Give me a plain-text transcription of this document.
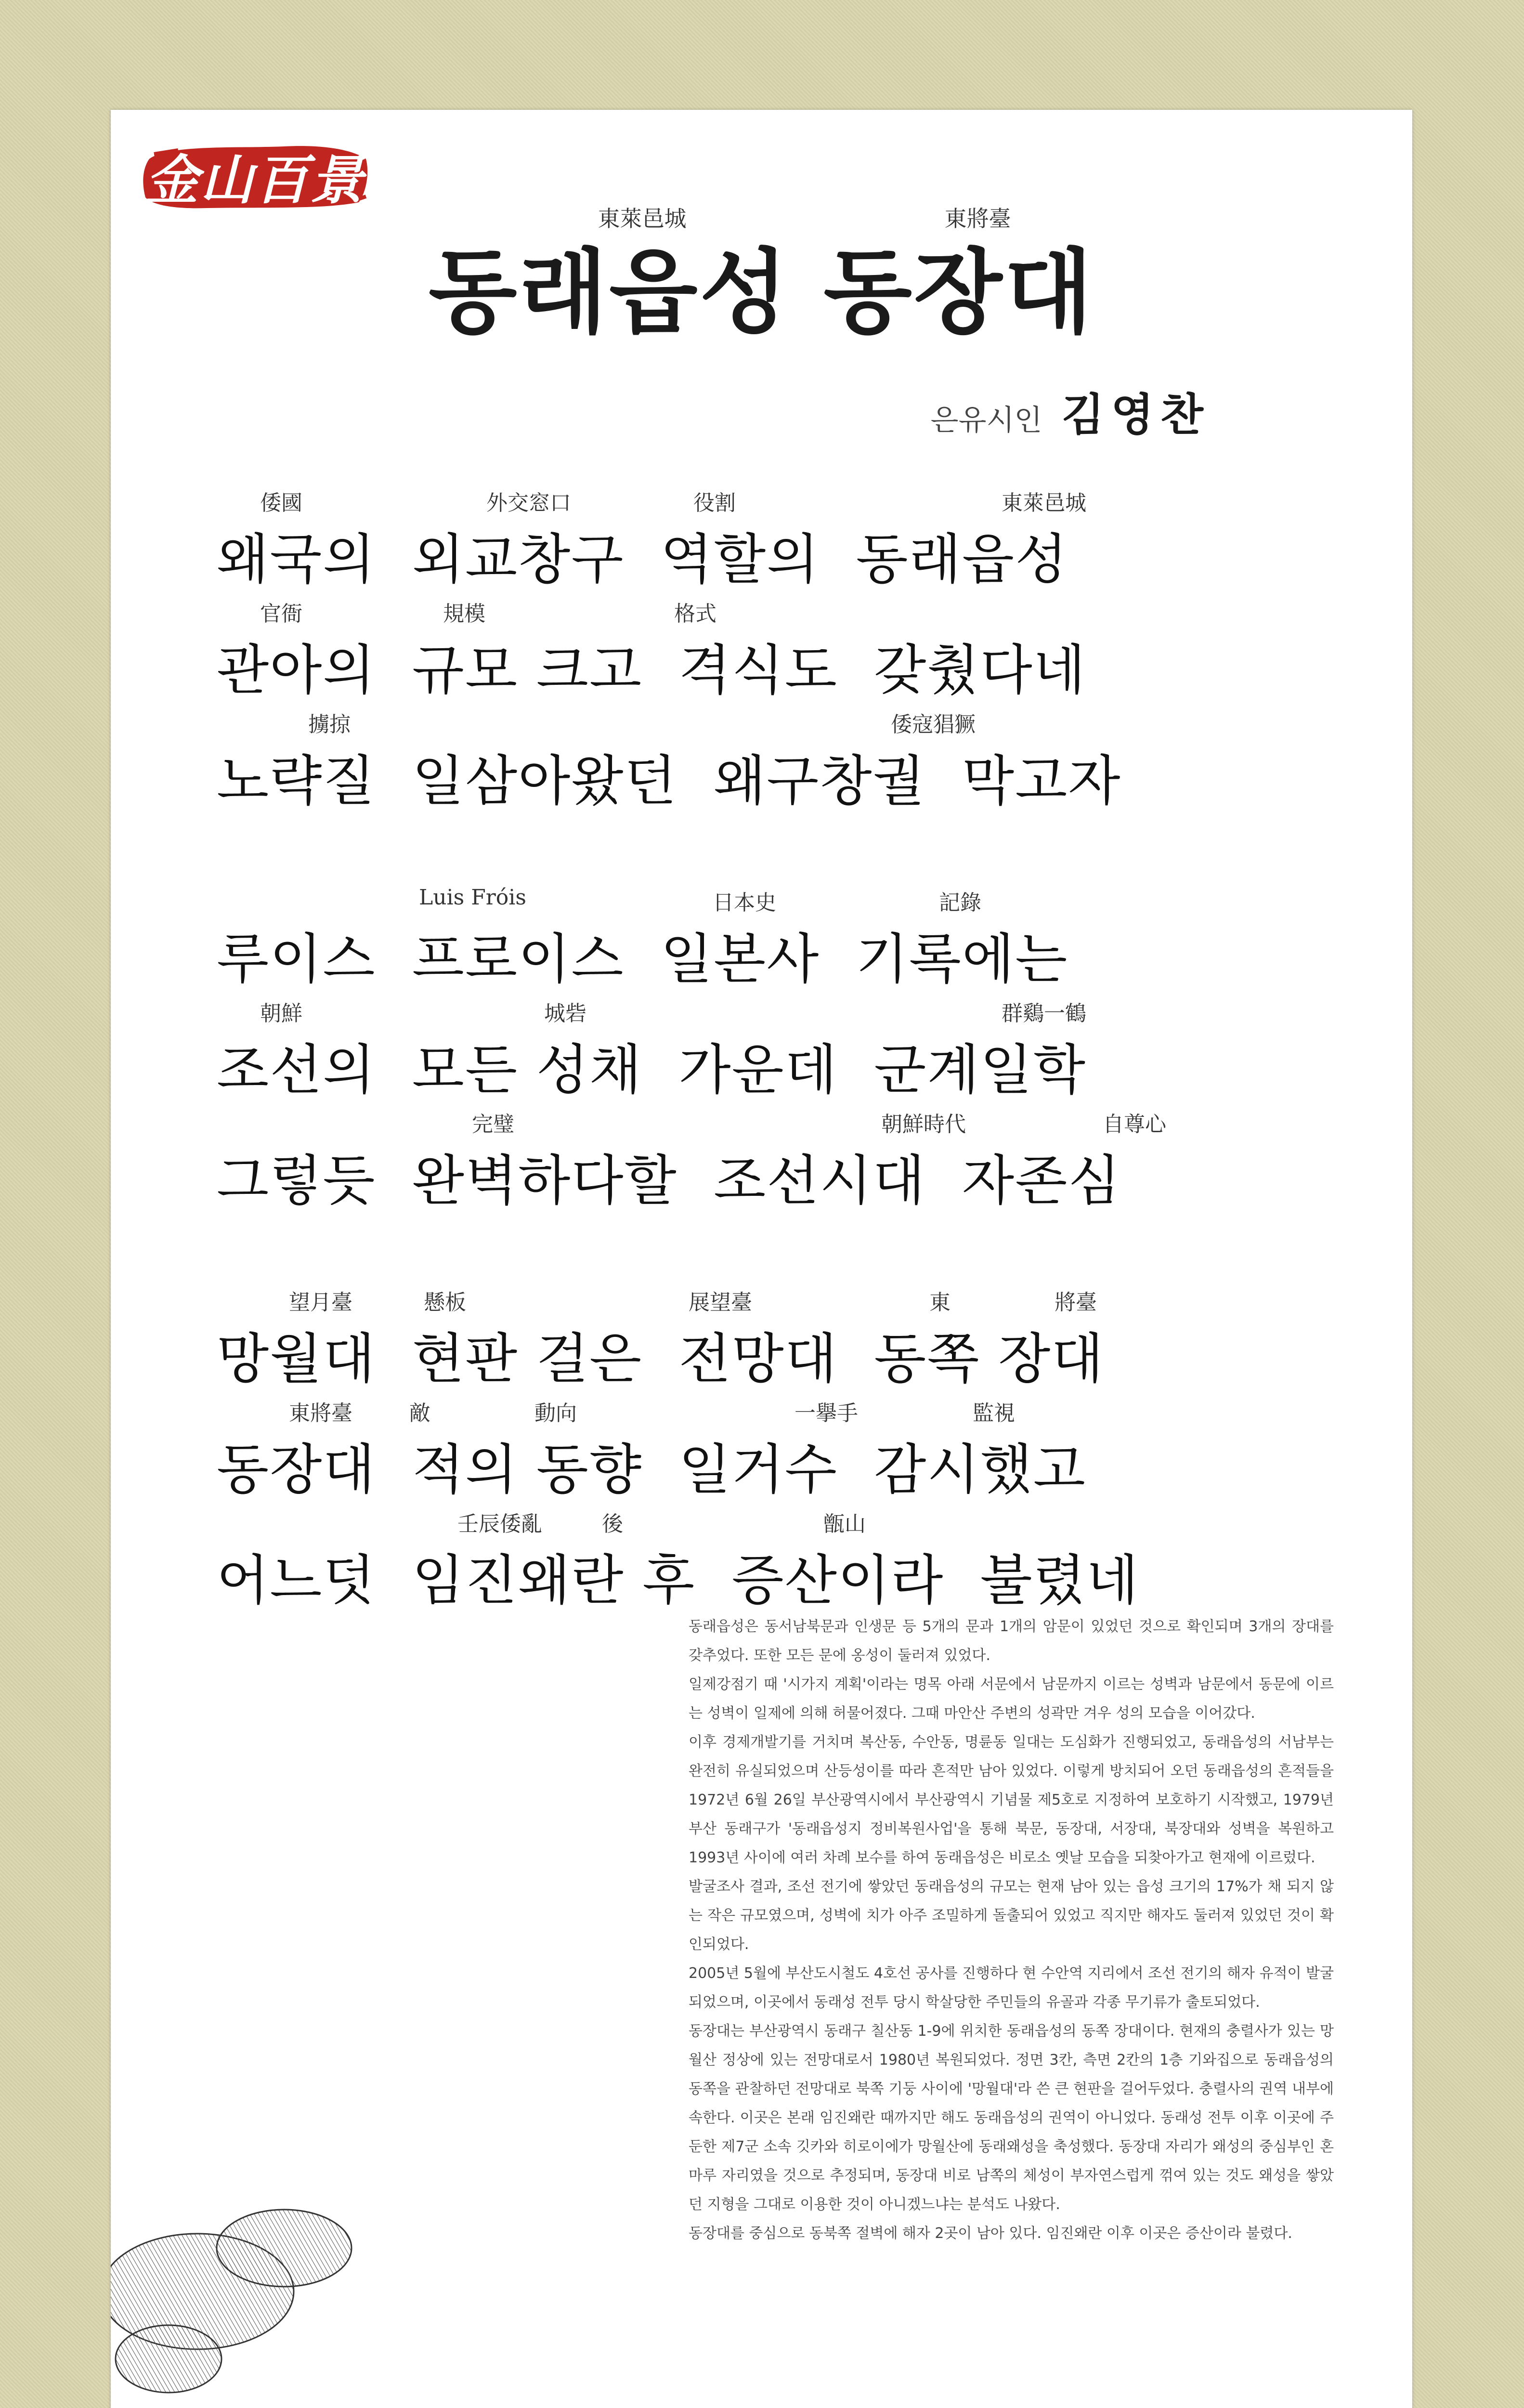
金山百景
東萊邑城	東將臺
동래읍성 동장대
은유시인 김영찬
倭國	外交窓口	役割	東萊邑城
왜국의  외교창구  역할의  동래읍성
官衙	規模	格式
관아의  규모 크고  격식도  갖췄다네
擄掠	倭寇猖獗
노략질  일삼아왔던  왜구창궐  막고자
Luis Fróis	日本史	記錄
루이스  프로이스  일본사  기록에는
朝鮮	城砦	群鷄一鶴
조선의  모든 성채  가운데  군계일학
完璧	朝鮮時代	自尊心
그렇듯  완벽하다할  조선시대  자존심
望月臺	懸板	展望臺	東	將臺
망월대  현판 걸은  전망대  동쪽 장대
東將臺	敵	動向	一擧手	監視
동장대  적의 동향  일거수  감시했고
壬辰倭亂	後	甑山
어느덧  임진왜란 후  증산이라  불렸네

동래읍성은 동서남북문과 인생문 등 5개의 문과 1개의 암문이 있었던 것으로 확인되며 3개의 장대를 갖추었다. 또한 모든 문에 옹성이 둘러져 있었다.

일제강점기 때 '시가지 계획'이라는 명목 아래 서문에서 남문까지 이르는 성벽과 남문에서 동문에 이르는 성벽이 일제에 의해 허물어졌다. 그때 마안산 주변의 성곽만 겨우 성의 모습을 이어갔다.

이후 경제개발기를 거치며 복산동, 수안동, 명륜동 일대는 도심화가 진행되었고, 동래읍성의 서남부는 완전히 유실되었으며 산등성이를 따라 흔적만 남아 있었다. 이렇게 방치되어 오던 동래읍성의 흔적들을 1972년 6월 26일 부산광역시에서 부산광역시 기념물 제5호로 지정하여 보호하기 시작했고, 1979년 부산 동래구가 '동래읍성지 정비복원사업'을 통해 북문, 동장대, 서장대, 북장대와 성벽을 복원하고 1993년 사이에 여러 차례 보수를 하여 동래읍성은 비로소 옛날 모습을 되찾아가고 현재에 이르렀다.

발굴조사 결과, 조선 전기에 쌓았던 동래읍성의 규모는 현재 남아 있는 읍성 크기의 17%가 채 되지 않는 작은 규모였으며, 성벽에 치가 아주 조밀하게 돌출되어 있었고 직지만 해자도 둘러져 있었던 것이 확인되었다.

2005년 5월에 부산도시철도 4호선 공사를 진행하다 현 수안역 지리에서 조선 전기의 해자 유적이 발굴되었으며, 이곳에서 동래성 전투 당시 학살당한 주민들의 유골과 각종 무기류가 출토되었다.

동장대는 부산광역시 동래구 칠산동 1-9에 위치한 동래읍성의 동쪽 장대이다. 현재의 충렬사가 있는 망월산 정상에 있는 전망대로서 1980년 복원되었다. 정면 3칸, 측면 2칸의 1층 기와집으로 동래읍성의 동쪽을 관찰하던 전망대로 북쪽 기둥 사이에 '망월대'라 쓴 큰 현판을 걸어두었다. 충렬사의 권역 내부에 속한다. 이곳은 본래 임진왜란 때까지만 해도 동래읍성의 권역이 아니었다. 동래성 전투 이후 이곳에 주둔한 제7군 소속 깃카와 히로이에가 망월산에 동래왜성을 축성했다. 동장대 자리가 왜성의 중심부인 혼마루 자리였을 것으로 추정되며, 동장대 비로 남쪽의 체성이 부자연스럽게 꺾여 있는 것도 왜성을 쌓았던 지형을 그대로 이용한 것이 아니겠느냐는 분석도 나왔다.

동장대를 중심으로 동북쪽 절벽에 해자 2곳이 남아 있다. 임진왜란 이후 이곳은 증산이라 불렸다.
